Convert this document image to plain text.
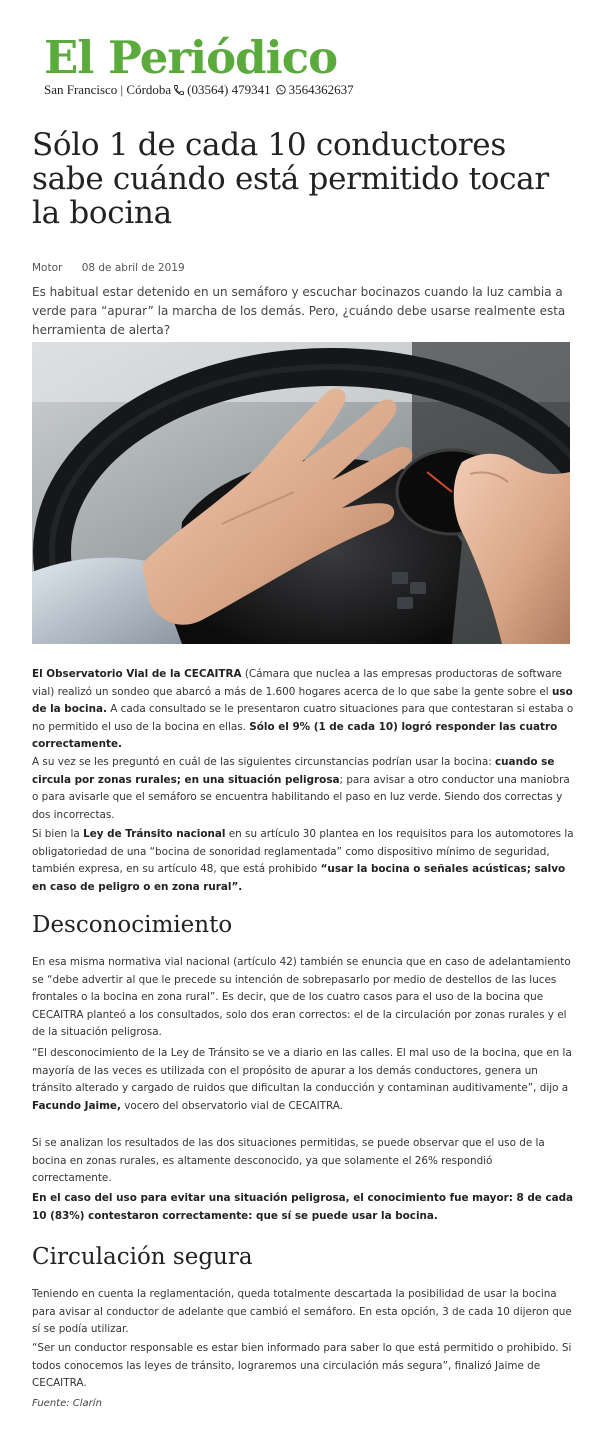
El Periódico
San Francisco | Córdoba (03564) 479341 3564362637
Sólo 1 de cada 10 conductores sabe cuándo está permitido tocar la bocina
Motor 08 de abril de 2019

Es habitual estar detenido en un semáforo y escuchar bocinazos cuando la luz cambia a verde para “apurar” la marcha de los demás. Pero, ¿cuándo debe usarse realmente esta herramienta de alerta?

El Observatorio Vial de la CECAITRA (Cámara que nuclea a las empresas productoras de software vial) realizó un sondeo que abarcó a más de 1.600 hogares acerca de lo que sabe la gente sobre el uso de la bocina. A cada consultado se le presentaron cuatro situaciones para que contestaran si estaba o no permitido el uso de la bocina en ellas. Sólo el 9% (1 de cada 10) logró responder las cuatro correctamente.

A su vez se les preguntó en cuál de las siguientes circunstancias podrían usar la bocina: cuando se circula por zonas rurales; en una situación peligrosa; para avisar a otro conductor una maniobra o para avisarle que el semáforo se encuentra habilitando el paso en luz verde. Siendo dos correctas y dos incorrectas.

Si bien la Ley de Tránsito nacional en su artículo 30 plantea en los requisitos para los automotores la obligatoriedad de una “bocina de sonoridad reglamentada” como dispositivo mínimo de seguridad, también expresa, en su artículo 48, que está prohibido “usar la bocina o señales acústicas; salvo en caso de peligro o en zona rural”.

Desconocimiento

En esa misma normativa vial nacional (artículo 42) también se enuncia que en caso de adelantamiento se “debe advertir al que le precede su intención de sobrepasarlo por medio de destellos de las luces frontales o la bocina en zona rural”. Es decir, que de los cuatro casos para el uso de la bocina que CECAITRA planteó a los consultados, solo dos eran correctos: el de la circulación por zonas rurales y el de la situación peligrosa.

“El desconocimiento de la Ley de Tránsito se ve a diario en las calles. El mal uso de la bocina, que en la mayoría de las veces es utilizada con el propósito de apurar a los demás conductores, genera un tránsito alterado y cargado de ruidos que dificultan la conducción y contaminan auditivamente”, dijo a Facundo Jaime, vocero del observatorio vial de CECAITRA.

Si se analizan los resultados de las dos situaciones permitidas, se puede observar que el uso de la bocina en zonas rurales, es altamente desconocido, ya que solamente el 26% respondió correctamente.

En el caso del uso para evitar una situación peligrosa, el conocimiento fue mayor: 8 de cada 10 (83%) contestaron correctamente: que sí se puede usar la bocina.

Circulación segura

Teniendo en cuenta la reglamentación, queda totalmente descartada la posibilidad de usar la bocina para avisar al conductor de adelante que cambió el semáforo. En esta opción, 3 de cada 10 dijeron que sí se podía utilizar.

“Ser un conductor responsable es estar bien informado para saber lo que está permitido o prohibido. Si todos conocemos las leyes de tránsito, lograremos una circulación más segura”, finalizó Jaime de CECAITRA.

Fuente: Clarín
